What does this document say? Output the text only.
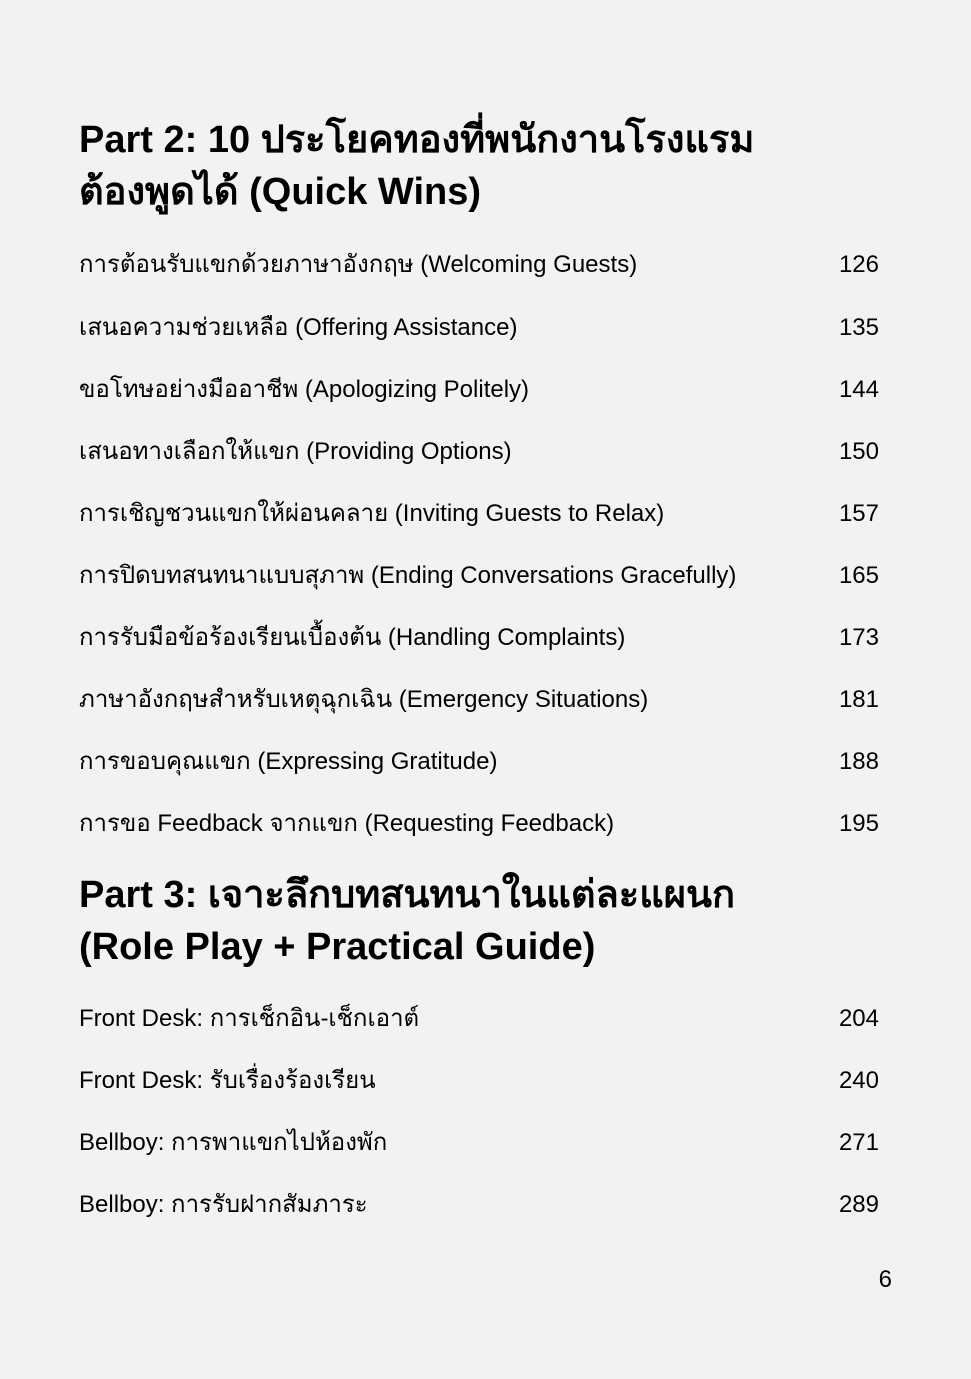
Part 2: 10 ประโยคทองที่พนักงานโรงแรม
ต้องพูดได้ (Quick Wins)
การต้อนรับแขกด้วยภาษาอังกฤษ (Welcoming Guests)	126
เสนอความช่วยเหลือ (Offering Assistance)	135
ขอโทษอย่างมืออาชีพ (Apologizing Politely)	144
เสนอทางเลือกให้แขก (Providing Options)	150
การเชิญชวนแขกให้ผ่อนคลาย (Inviting Guests to Relax)	157
การปิดบทสนทนาแบบสุภาพ (Ending Conversations Gracefully)	165
การรับมือข้อร้องเรียนเบื้องต้น (Handling Complaints)	173
ภาษาอังกฤษสำหรับเหตุฉุกเฉิน (Emergency Situations)	181
การขอบคุณแขก (Expressing Gratitude)	188
การขอ Feedback จากแขก (Requesting Feedback)	195
Part 3: เจาะลึกบทสนทนาในแต่ละแผนก
(Role Play + Practical Guide)
Front Desk: การเช็กอิน-เช็กเอาต์	204
Front Desk: รับเรื่องร้องเรียน	240
Bellboy: การพาแขกไปห้องพัก	271
Bellboy: การรับฝากสัมภาระ	289
6
